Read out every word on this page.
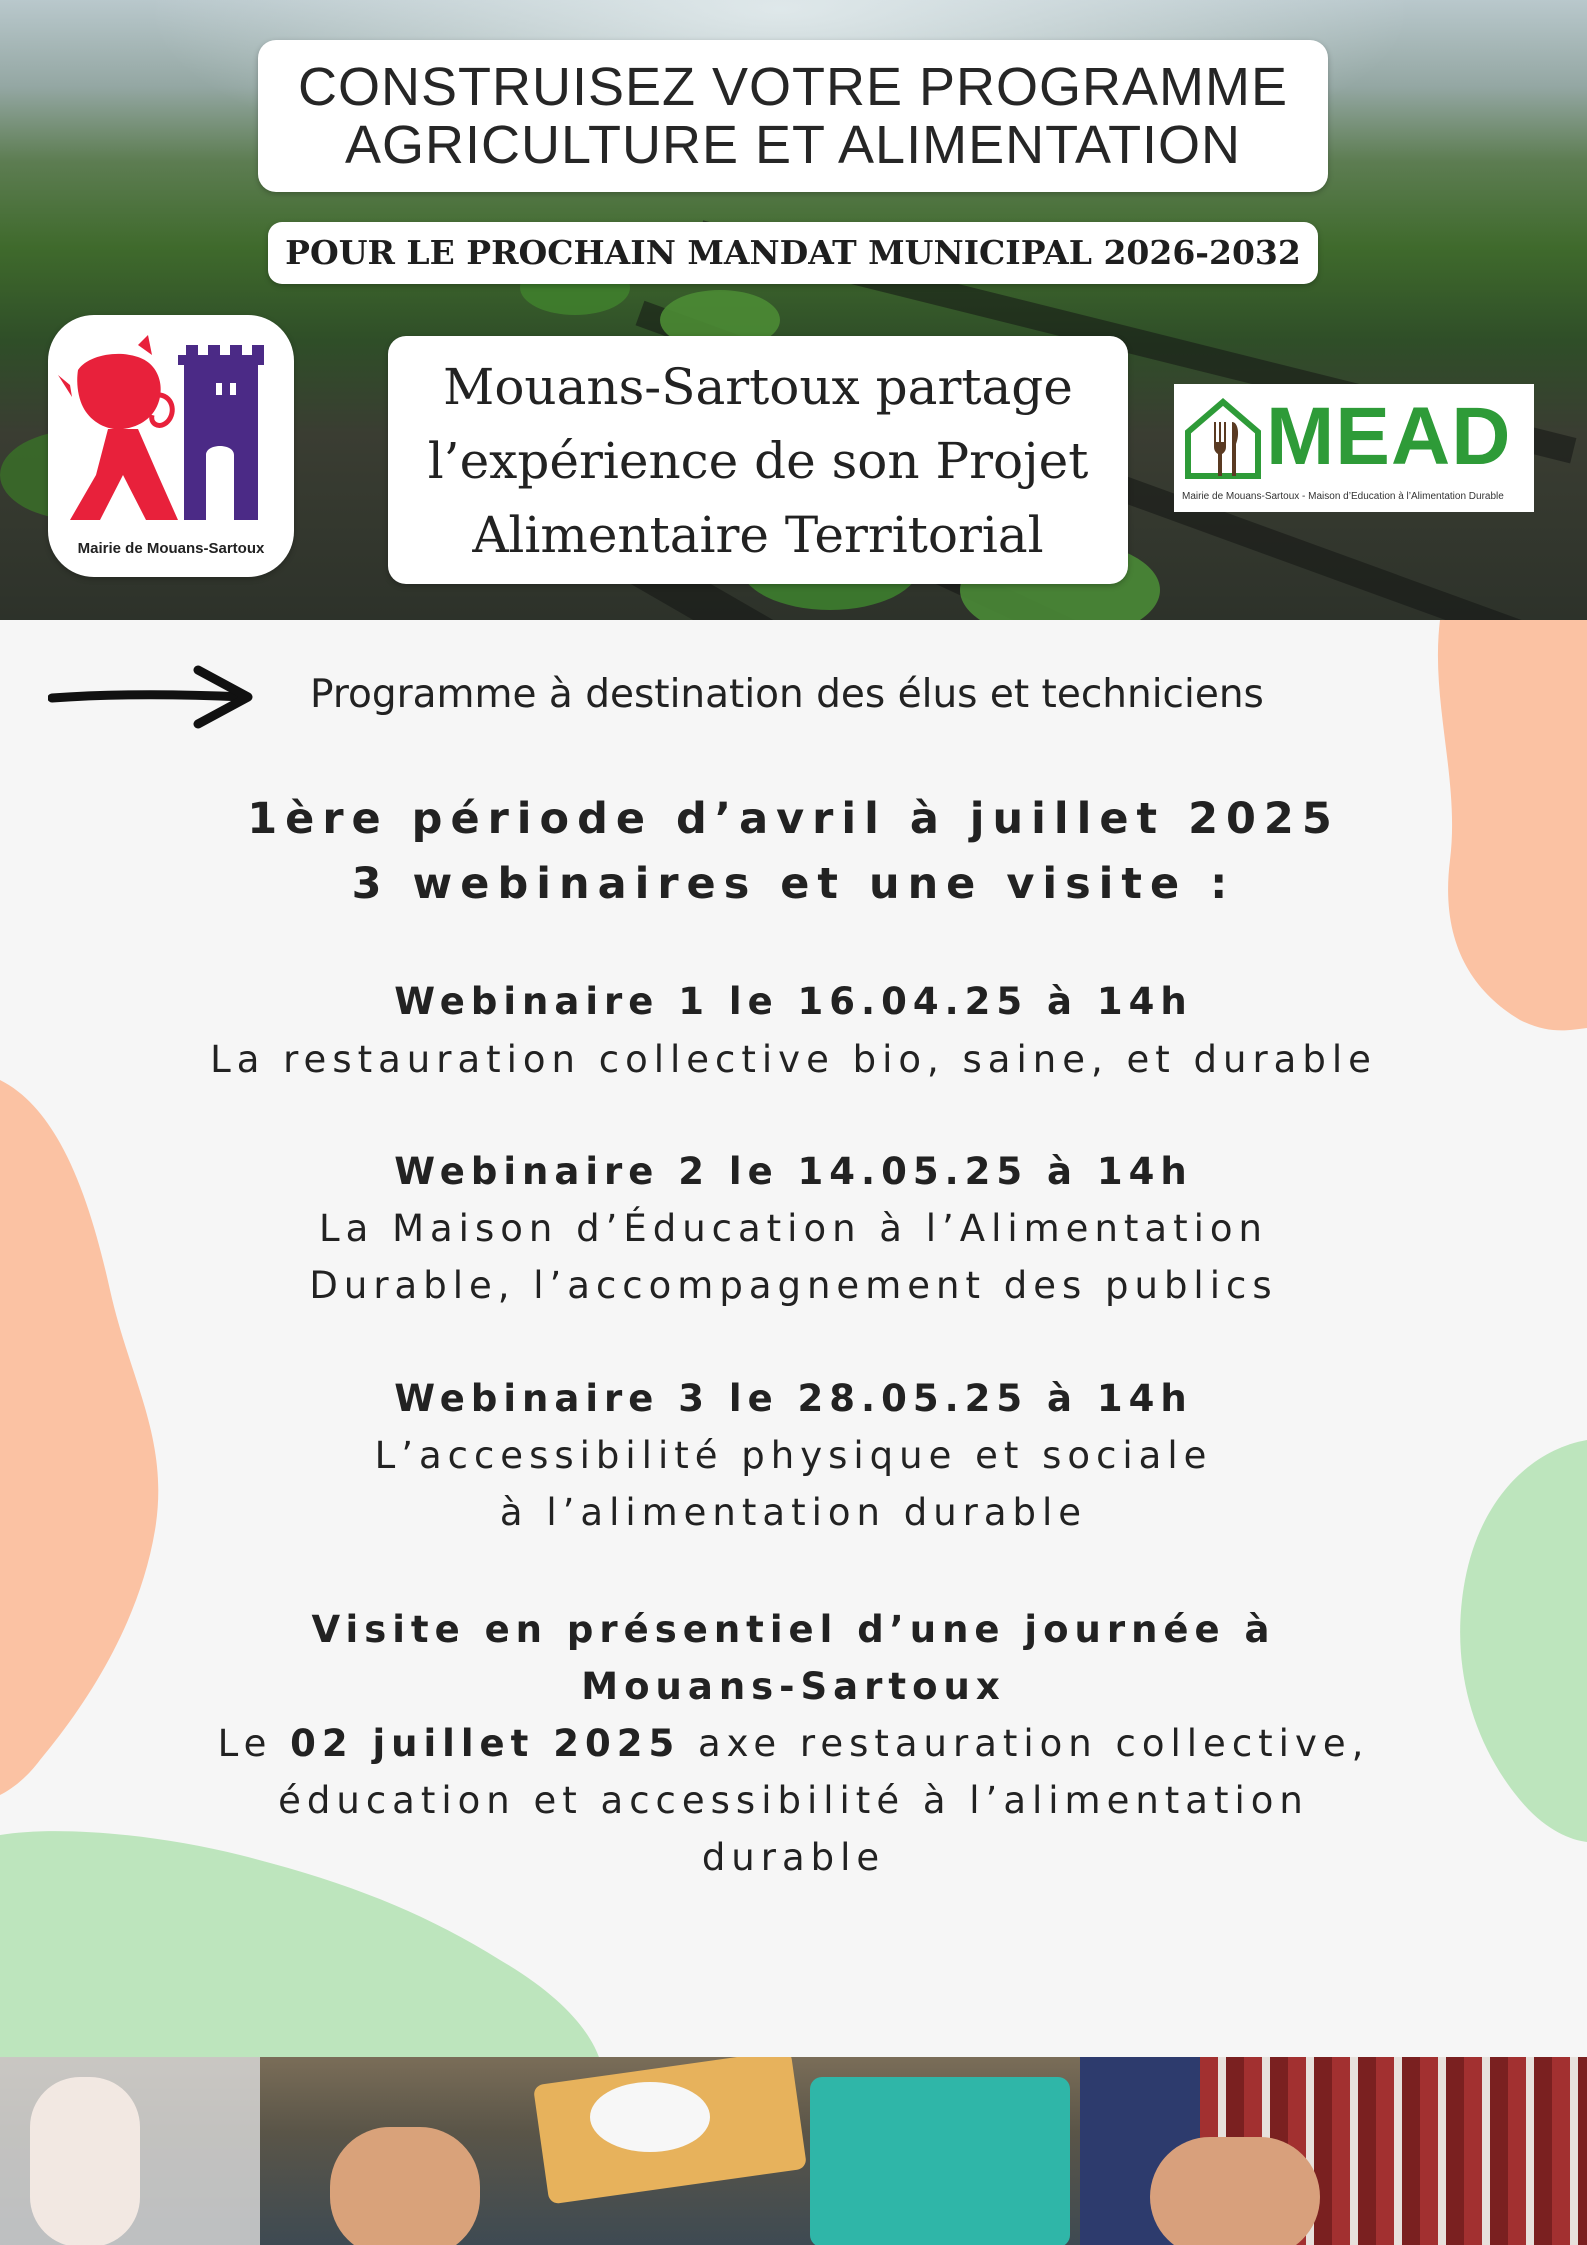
CONSTRUISEZ VOTRE PROGRAMME
AGRICULTURE ET ALIMENTATION
POUR LE PROCHAIN MANDAT MUNICIPAL 2026-2032
Mouans-Sartoux partage
l’expérience de son Projet
Alimentaire Territorial
Mairie de Mouans-Sartoux
MEAD
Mairie de Mouans-Sartoux - Maison d’Education à l’Alimentation Durable
Programme à destination des élus et techniciens
1ère période d’avril à juillet 2025
3 webinaires et une visite :
Webinaire 1 le 16.04.25 à 14h
La restauration collective bio, saine, et durable
Webinaire 2 le 14.05.25 à 14h
La Maison d’Éducation à l’Alimentation
Durable, l’accompagnement des publics
Webinaire 3 le 28.05.25 à 14h
L’accessibilité physique et sociale
à l’alimentation durable
Visite en présentiel d’une journée à
Mouans-Sartoux
Le 02 juillet 2025 axe restauration collective,
éducation et accessibilité à l’alimentation
durable
